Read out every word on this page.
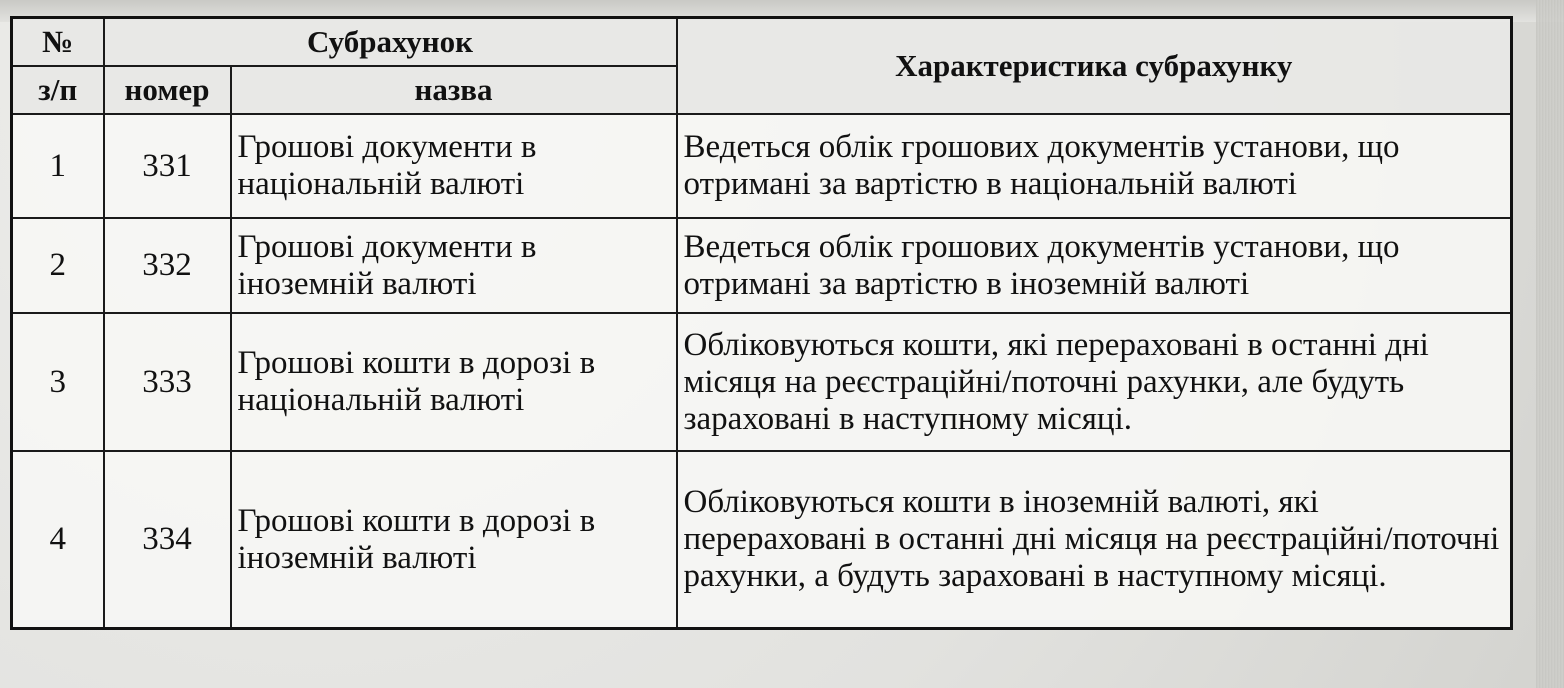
№	Субрахунок		Характеристика субрахунку
з/п	номер	назва	
1	331	Грошові документи в національній валюті	Ведеться облік грошових документів установи, що отримані за вартістю в національній валюті
2	332	Грошові документи в іноземній валюті	Ведеться облік грошових документів установи, що отримані за вартістю в іноземній валюті
3	333	Грошові кошти в дорозі в національній валюті	Обліковуються кошти, які перераховані в останні дні місяця на реєстраційні/поточні рахунки, але будуть зараховані в наступному місяці.
4	334	Грошові кошти в дорозі в іноземній валюті	Обліковуються кошти в іноземній валюті, які перераховані в останні дні місяця на реєстраційні/поточні рахунки, а будуть зараховані в наступному місяці.
